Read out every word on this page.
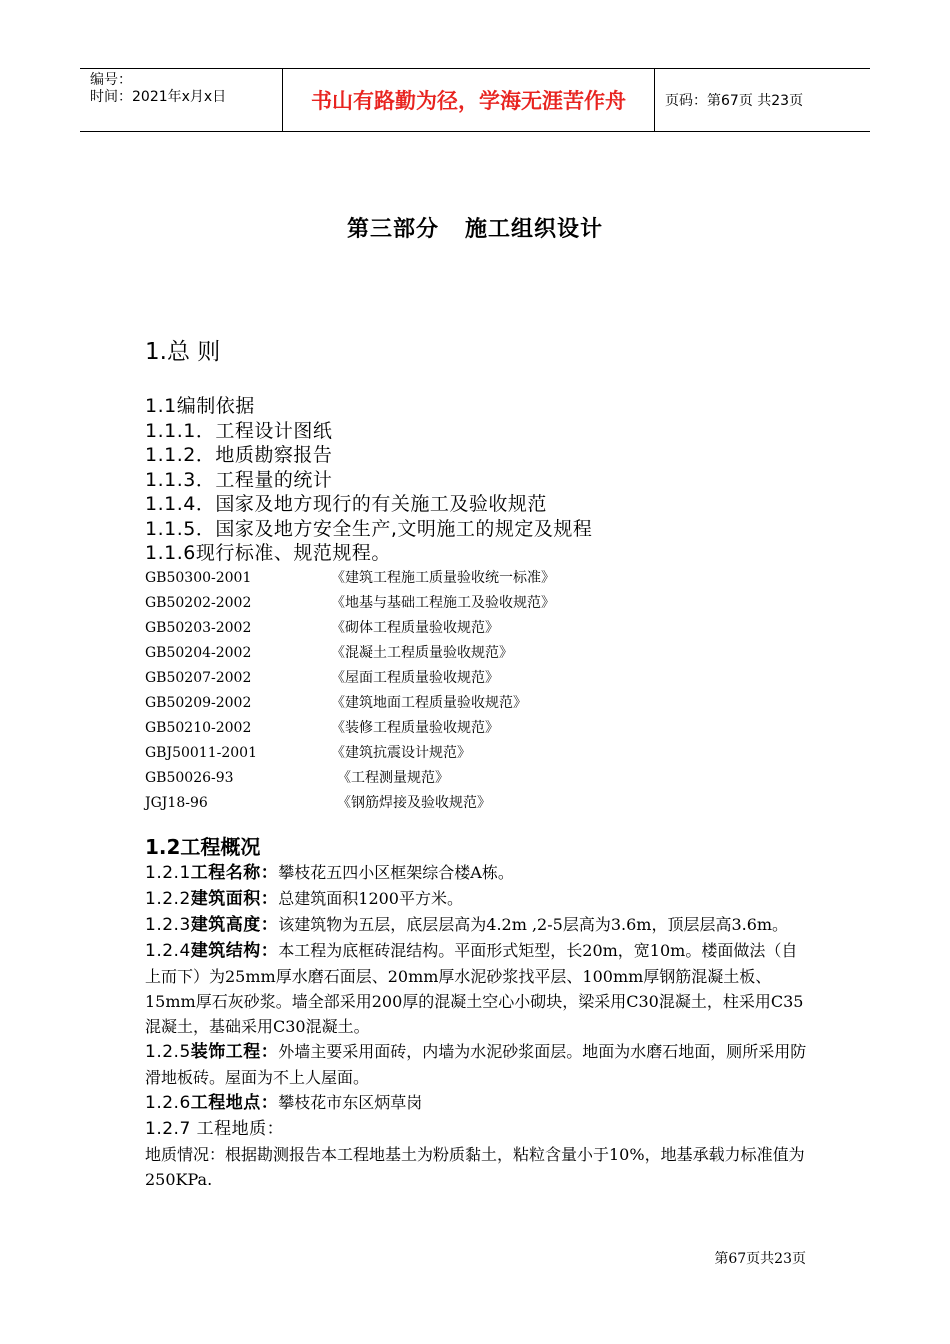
编号：
时间：2021年x月x日	书山有路勤为径，学海无涯苦作舟	页码：第67页 共23页
第三部分 施工组织设计
1.总 则
1.1编制依据
1.1.1．工程设计图纸
1.1.2．地质勘察报告
1.1.3．工程量的统计
1.1.4．国家及地方现行的有关施工及验收规范
1.1.5．国家及地方安全生产,文明施工的规定及规程
1.1.6现行标准、规范规程。
GB50300-2001	《建筑工程施工质量验收统一标准》
GB50202-2002	《地基与基础工程施工及验收规范》
GB50203-2002	《砌体工程质量验收规范》
GB50204-2002	《混凝土工程质量验收规范》
GB50207-2002	《屋面工程质量验收规范》
GB50209-2002	《建筑地面工程质量验收规范》
GB50210-2002	《装修工程质量验收规范》
GBJ50011-2001	《建筑抗震设计规范》
GB50026-93	《工程测量规范》
JGJ18-96	《钢筋焊接及验收规范》
1.2工程概况
1.2.1工程名称：攀枝花五四小区框架综合楼A栋。
1.2.2建筑面积：总建筑面积1200平方米。
1.2.3建筑高度：该建筑物为五层，底层层高为4.2m ,2-5层高为3.6m，顶层层高3.6m。
1.2.4建筑结构：本工程为底框砖混结构。平面形式矩型，长20m，宽10m。楼面做法（自上而下）为25mm厚水磨石面层、20mm厚水泥砂浆找平层、100mm厚钢筋混凝土板、15mm厚石灰砂浆。墙全部采用200厚的混凝土空心小砌块，梁采用C30混凝土，柱采用C35混凝土，基础采用C30混凝土。
1.2.5装饰工程：外墙主要采用面砖，内墙为水泥砂浆面层。地面为水磨石地面，厕所采用防滑地板砖。屋面为不上人屋面。
1.2.6工程地点：攀枝花市东区炳草岗
1.2.7 工程地质：
地质情况：根据勘测报告本工程地基土为粉质黏土，粘粒含量小于10%，地基承载力标准值为250KPa.
第67页共23页
